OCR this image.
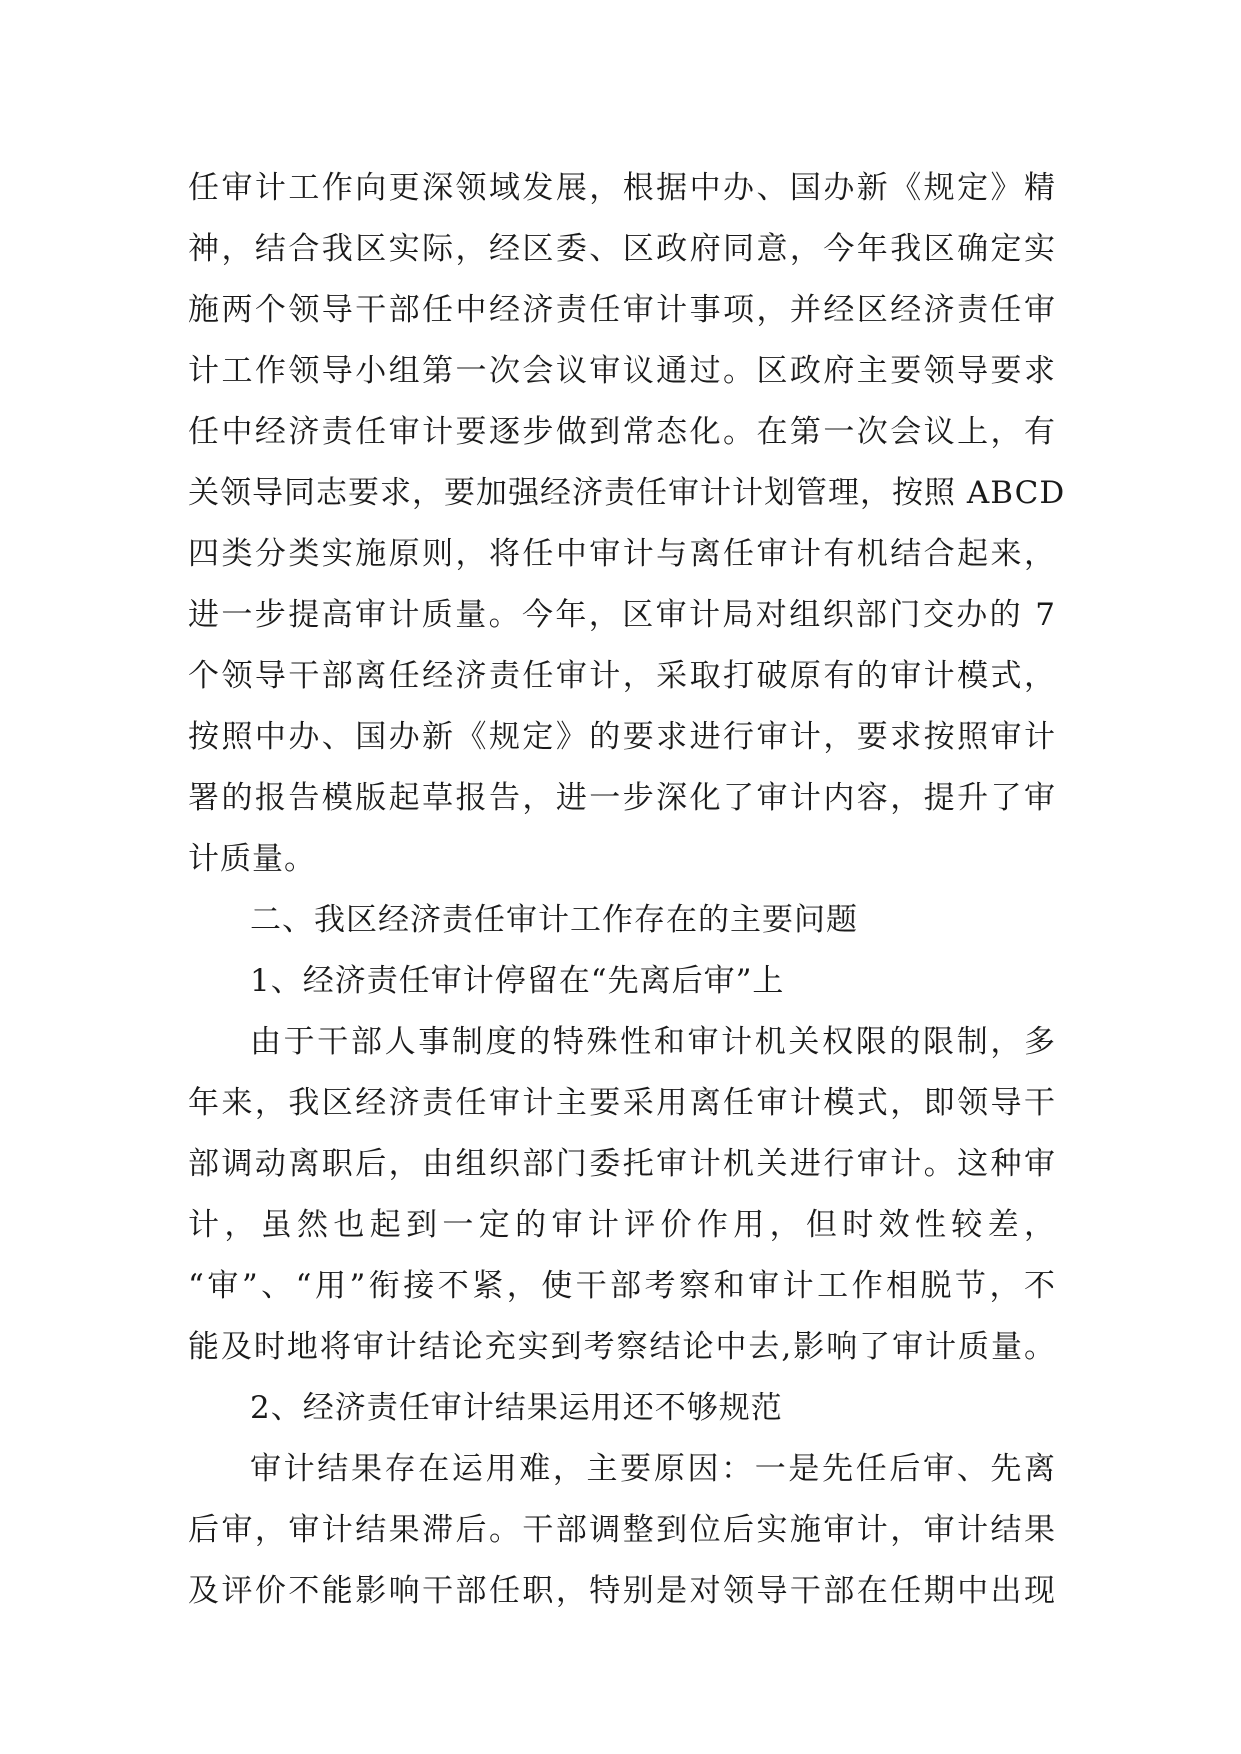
任审计工作向更深领域发展，根据中办、国办新《规定》精
神，结合我区实际，经区委、区政府同意，今年我区确定实
施两个领导干部任中经济责任审计事项，并经区经济责任审
计工作领导小组第一次会议审议通过。区政府主要领导要求
任中经济责任审计要逐步做到常态化。在第一次会议上，有
关领导同志要求，要加强经济责任审计计划管理，按照 ABCD
四类分类实施原则，将任中审计与离任审计有机结合起来，
进一步提高审计质量。今年，区审计局对组织部门交办的 7
个领导干部离任经济责任审计，采取打破原有的审计模式，
按照中办、国办新《规定》的要求进行审计，要求按照审计
署的报告模版起草报告，进一步深化了审计内容，提升了审
计质量。
二、我区经济责任审计工作存在的主要问题
1、经济责任审计停留在“先离后审”上
由于干部人事制度的特殊性和审计机关权限的限制，多
年来，我区经济责任审计主要采用离任审计模式，即领导干
部调动离职后，由组织部门委托审计机关进行审计。这种审
计，虽然也起到一定的审计评价作用，但时效性较差，
“审”、“用”衔接不紧，使干部考察和审计工作相脱节，不
能及时地将审计结论充实到考察结论中去,影响了审计质量。
2、经济责任审计结果运用还不够规范
审计结果存在运用难，主要原因：一是先任后审、先离
后审，审计结果滞后。干部调整到位后实施审计，审计结果
及评价不能影响干部任职，特别是对领导干部在任期中出现
